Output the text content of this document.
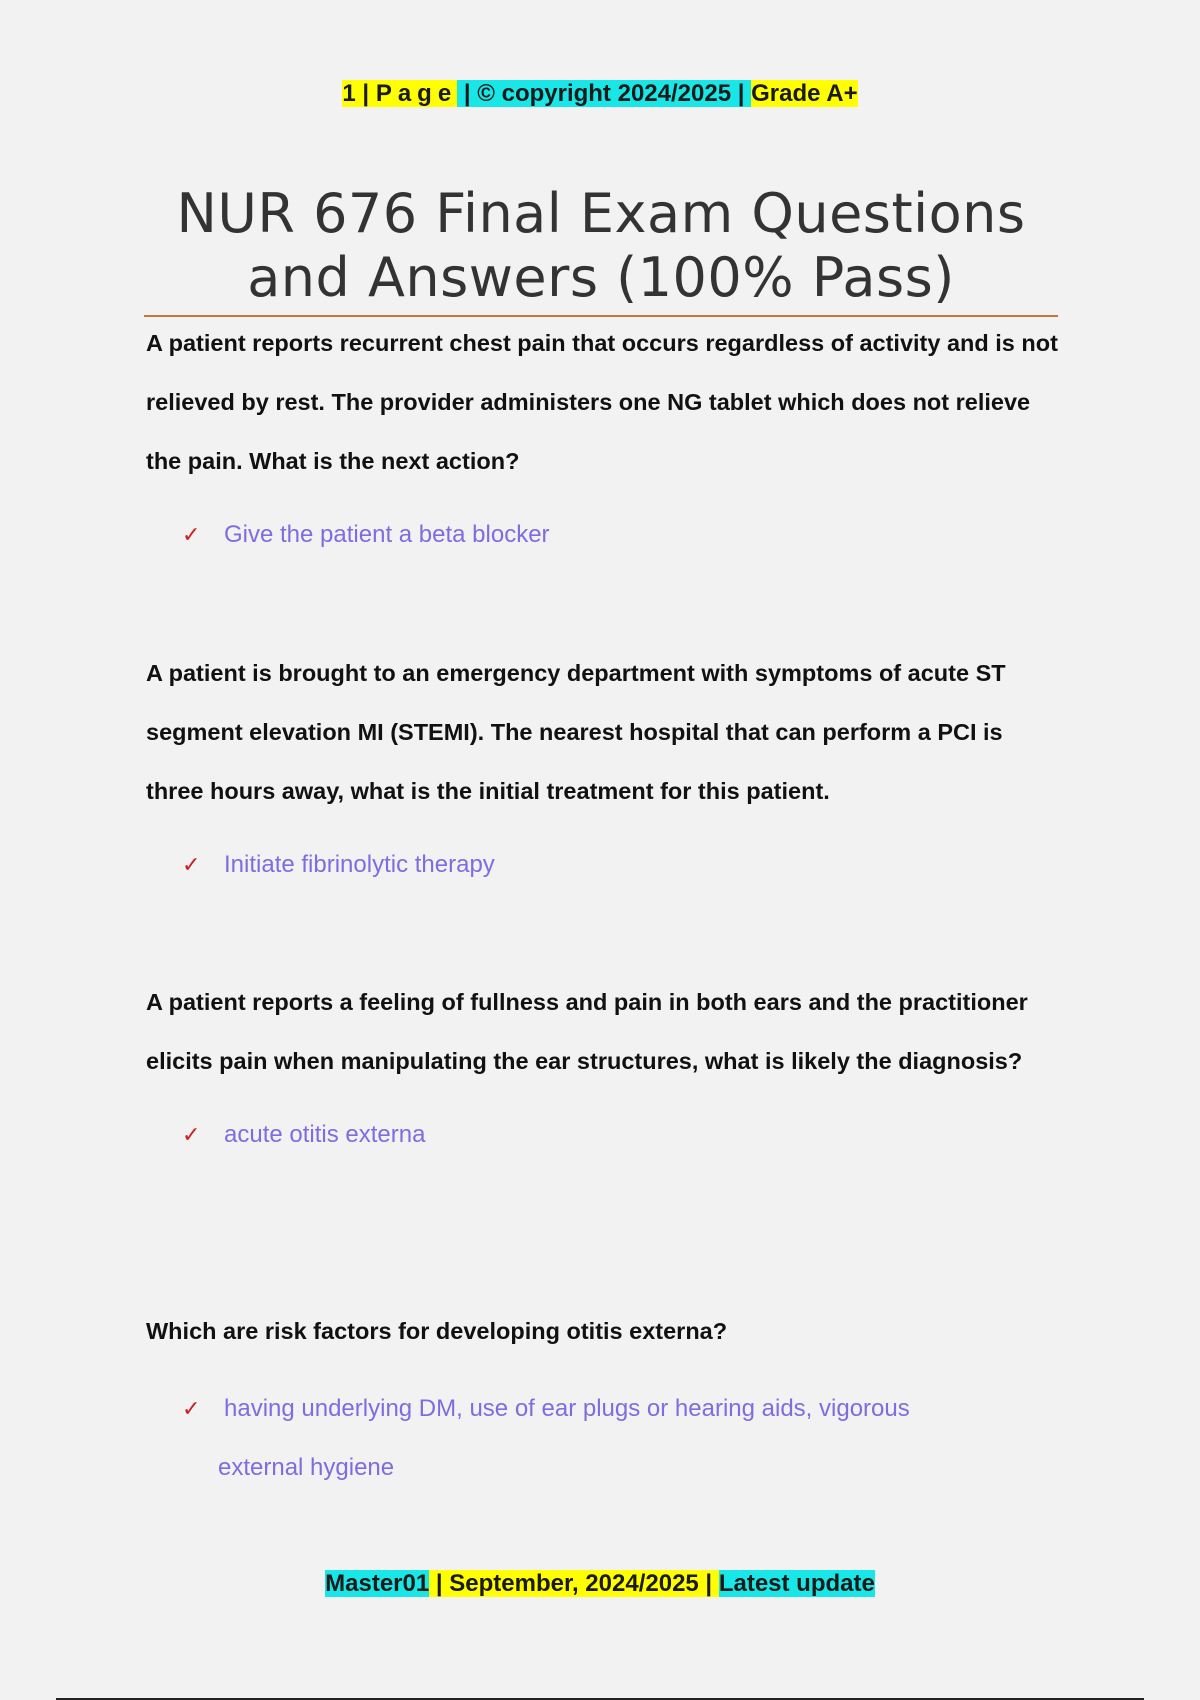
1 | Page | © copyright 2024/2025 | Grade A+
NUR 676 Final Exam Questions and Answers (100% Pass)
A patient reports recurrent chest pain that occurs regardless of activity and is not relieved by rest. The provider administers one NG tablet which does not relieve the pain. What is the next action?
✓ Give the patient a beta blocker
A patient is brought to an emergency department with symptoms of acute ST segment elevation MI (STEMI). The nearest hospital that can perform a PCI is three hours away, what is the initial treatment for this patient.
✓ Initiate fibrinolytic therapy
A patient reports a feeling of fullness and pain in both ears and the practitioner elicits pain when manipulating the ear structures, what is likely the diagnosis?
✓ acute otitis externa
Which are risk factors for developing otitis externa?
✓ having underlying DM, use of ear plugs or hearing aids, vigorous
external hygiene
Master01 | September, 2024/2025 | Latest update
